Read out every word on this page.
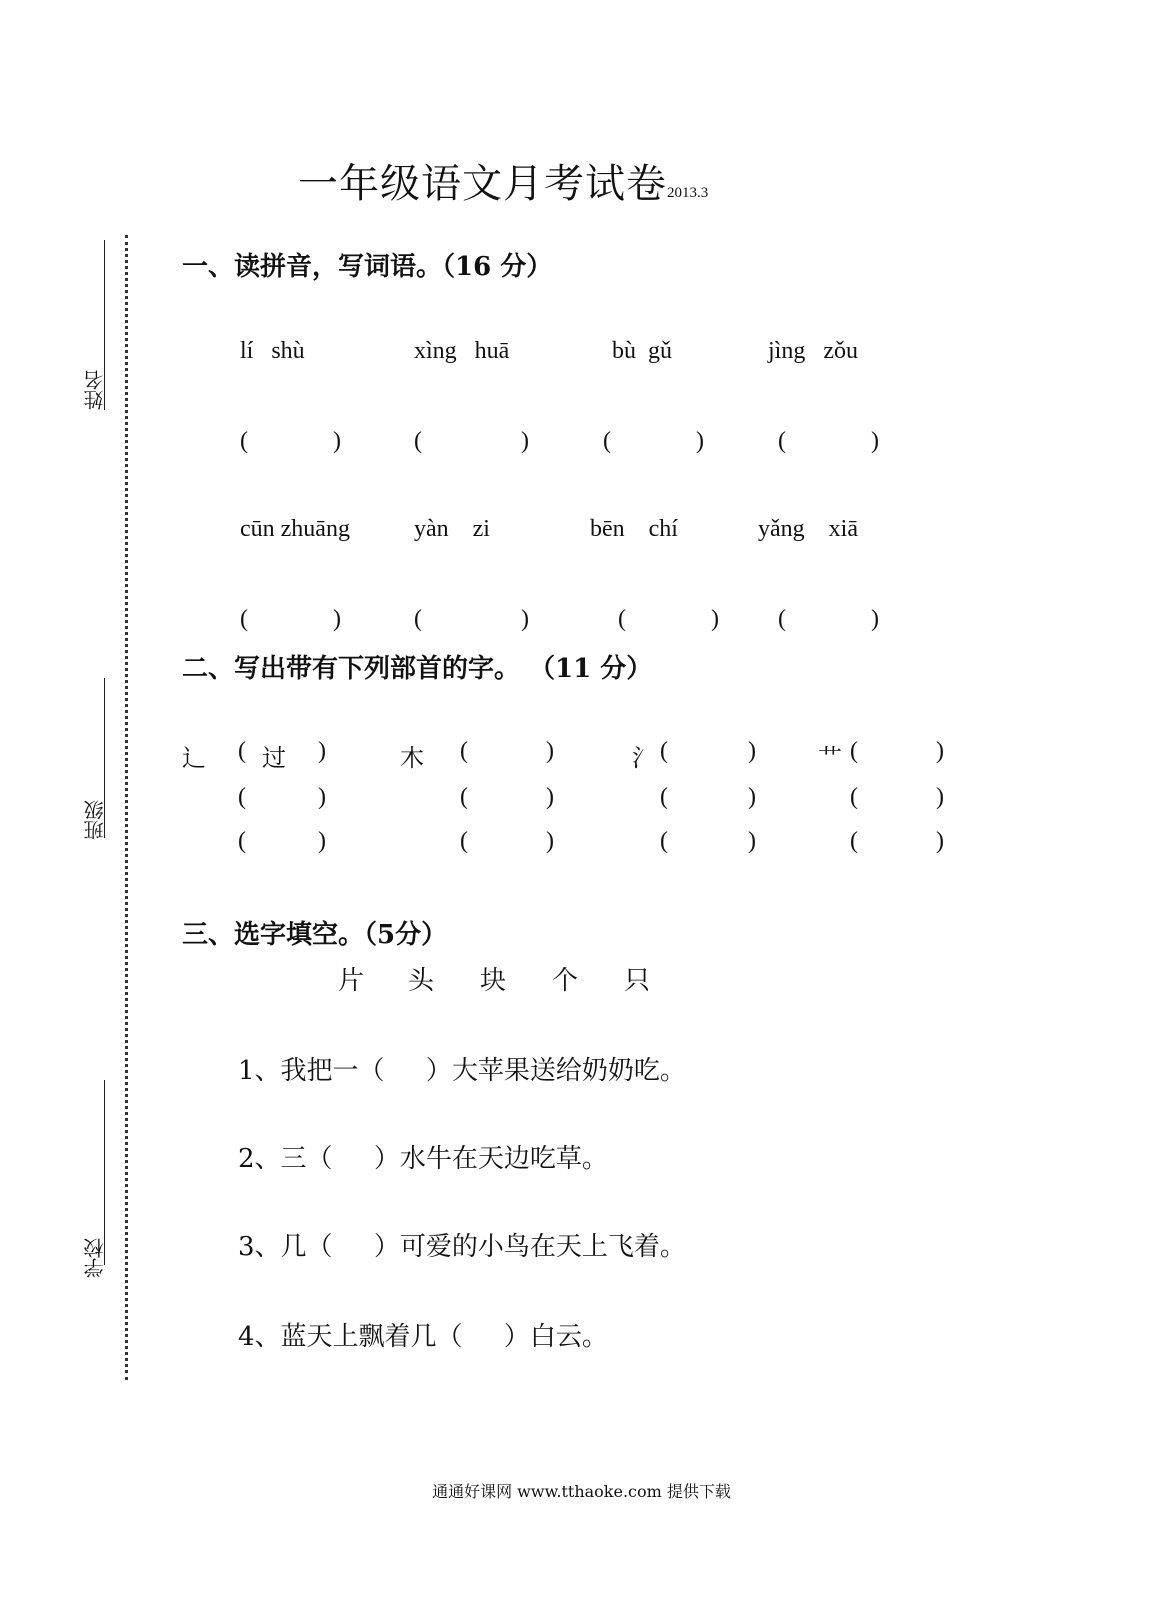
姓名
班级
学校
一年级语文月考试卷2013.3
一、读拼音，写词语。（16 分）
lí   shù	xìng   huā	bù  gǔ	jìng   zǒu
(	)	(	)	(	)	(	)
cūn zhuāng	yàn    zi	bēn    chí	yǎng    xiā
(	)	(	)	(	) (	)
二、写出带有下列部首的字。 （11 分）
⻌ ( 过 )	木 (	)	氵 (	)	艹 (	)
(	)	(	)	(	)	(	)
(	)	(	)	(	)	(	)
三、选字填空。（5分）
片 头 块 个 只
1、我把一（     ）大苹果送给奶奶吃。
2、三（     ）水牛在天边吃草。
3、几（     ）可爱的小鸟在天上飞着。
4、蓝天上飘着几（     ）白云。
通通好课网 www.tthaoke.com 提供下载
